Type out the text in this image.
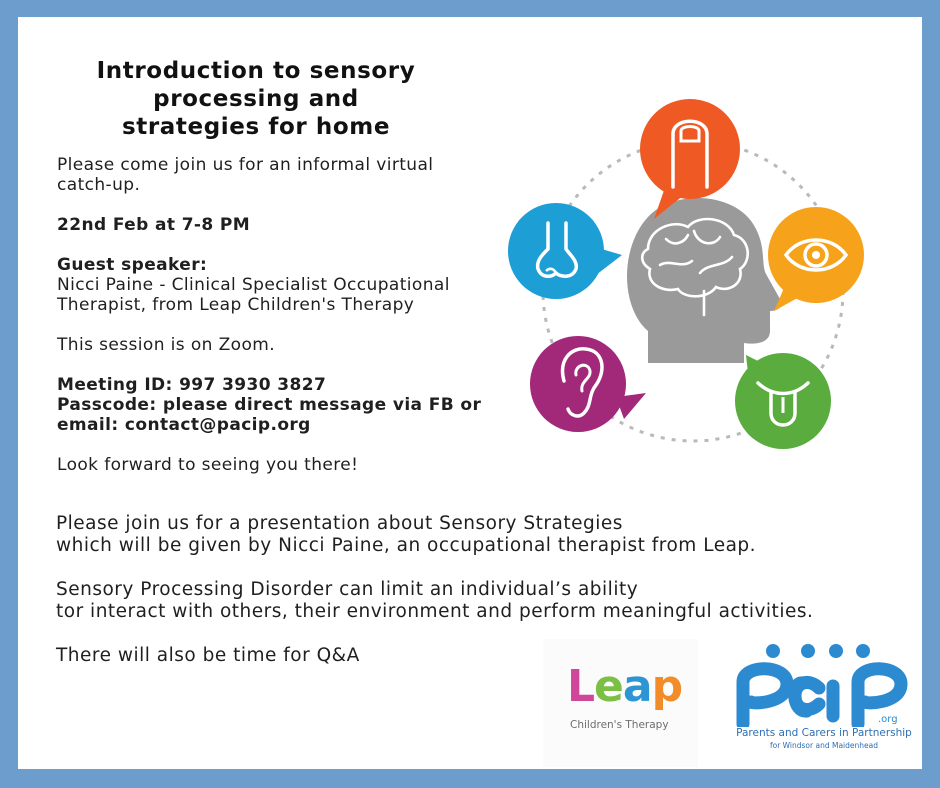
Introduction to sensory processing and strategies for home

Please come join us for an informal virtual catch-up.

22nd Feb at 7-8 PM

Guest speaker:
Nicci Paine - Clinical Specialist Occupational Therapist, from Leap Children's Therapy

This session is on Zoom.

Meeting ID: 997 3930 3827
Passcode: please direct message via FB or email: contact@pacip.org

Look forward to seeing you there!

Please join us for a presentation about Sensory Strategies
which will be given by Nicci Paine, an occupational therapist from Leap.

Sensory Processing Disorder can limit an individual’s ability
tor interact with others, their environment and perform meaningful activities.

There will also be time for Q&A

Leap
Children's Therapy	.org
Parents and Carers in Partnership
for Windsor and Maidenhead
